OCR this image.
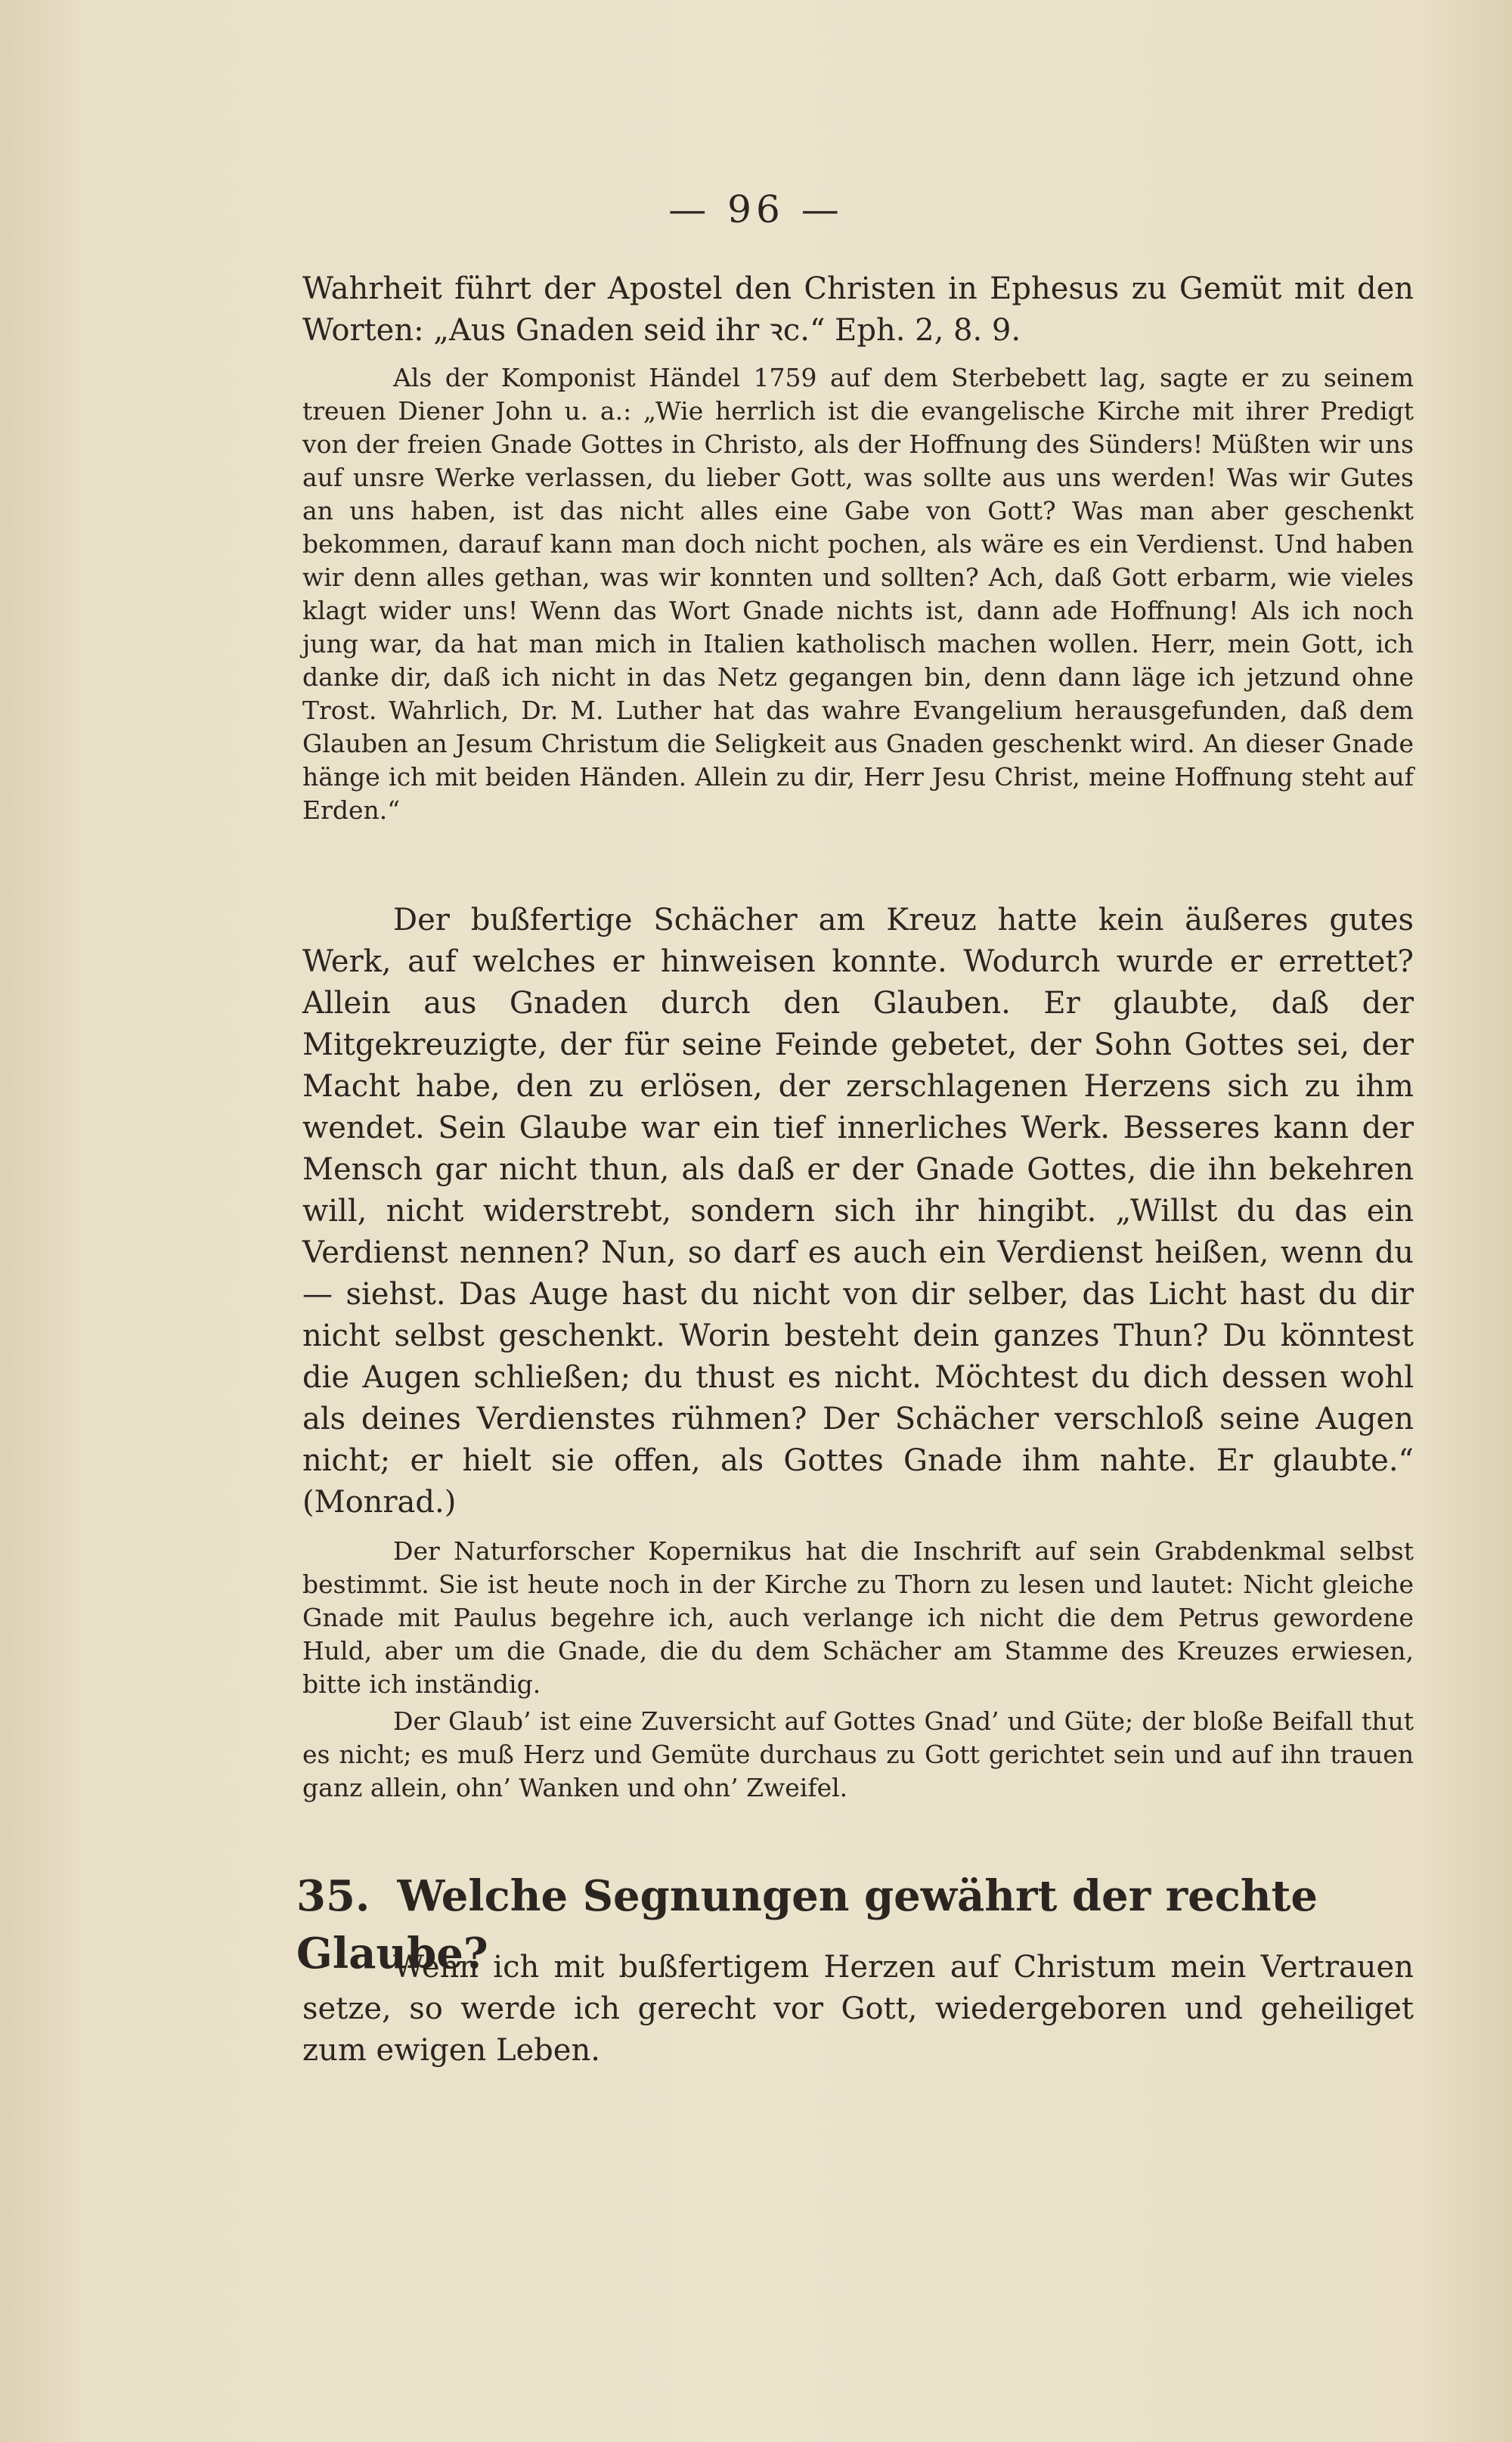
— 96 —

Wahrheit führt der Apostel den Christen in Ephesus zu Gemüt mit den Worten: „Aus Gnaden seid ihr ꝛc.“ Eph. 2, 8. 9.

Als der Komponist Händel 1759 auf dem Sterbebett lag, sagte er zu seinem treuen Diener John u. a.: „Wie herrlich ist die evangelische Kirche mit ihrer Predigt von der freien Gnade Gottes in Christo, als der Hoffnung des Sünders! Müßten wir uns auf unsre Werke verlassen, du lieber Gott, was sollte aus uns werden! Was wir Gutes an uns haben, ist das nicht alles eine Gabe von Gott? Was man aber geschenkt bekommen, darauf kann man doch nicht pochen, als wäre es ein Verdienst. Und haben wir denn alles gethan, was wir konnten und sollten? Ach, daß Gott erbarm, wie vieles klagt wider uns! Wenn das Wort Gnade nichts ist, dann ade Hoffnung! Als ich noch jung war, da hat man mich in Italien katholisch machen wollen. Herr, mein Gott, ich danke dir, daß ich nicht in das Netz gegangen bin, denn dann läge ich jetzund ohne Trost. Wahrlich, Dr. M. Luther hat das wahre Evangelium herausgefunden, daß dem Glauben an Jesum Christum die Seligkeit aus Gnaden geschenkt wird. An dieser Gnade hänge ich mit beiden Händen. Allein zu dir, Herr Jesu Christ, meine Hoffnung steht auf Erden.“

Der bußfertige Schächer am Kreuz hatte kein äußeres gutes Werk, auf welches er hinweisen konnte. Wodurch wurde er errettet? Allein aus Gnaden durch den Glauben. Er glaubte, daß der Mitgekreuzigte, der für seine Feinde gebetet, der Sohn Gottes sei, der Macht habe, den zu erlösen, der zerschlagenen Herzens sich zu ihm wendet. Sein Glaube war ein tief innerliches Werk. Besseres kann der Mensch gar nicht thun, als daß er der Gnade Gottes, die ihn bekehren will, nicht widerstrebt, sondern sich ihr hingibt. „Willst du das ein Verdienst nennen? Nun, so darf es auch ein Verdienst heißen, wenn du — siehst. Das Auge hast du nicht von dir selber, das Licht hast du dir nicht selbst geschenkt. Worin besteht dein ganzes Thun? Du könntest die Augen schließen; du thust es nicht. Möchtest du dich dessen wohl als deines Verdienstes rühmen? Der Schächer verschloß seine Augen nicht; er hielt sie offen, als Gottes Gnade ihm nahte. Er glaubte.“ (Monrad.)

Der Naturforscher Kopernikus hat die Inschrift auf sein Grabdenkmal selbst bestimmt. Sie ist heute noch in der Kirche zu Thorn zu lesen und lautet: Nicht gleiche Gnade mit Paulus begehre ich, auch verlange ich nicht die dem Petrus gewordene Huld, aber um die Gnade, die du dem Schächer am Stamme des Kreuzes erwiesen, bitte ich inständig.

Der Glaub’ ist eine Zuversicht auf Gottes Gnad’ und Güte; der bloße Beifall thut es nicht; es muß Herz und Gemüte durchaus zu Gott gerichtet sein und auf ihn trauen ganz allein, ohn’ Wanken und ohn’ Zweifel.

35. Welche Segnungen gewährt der rechte Glaube?

Wenn ich mit bußfertigem Herzen auf Christum mein Vertrauen setze, so werde ich gerecht vor Gott, wiedergeboren und geheiliget zum ewigen Leben.
